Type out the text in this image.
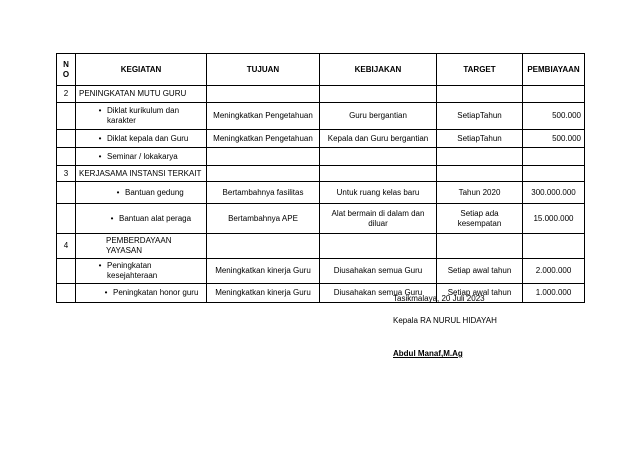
N O	KEGIATAN	TUJUAN	KEBIJAKAN	TARGET	PEMBIAYAAN
2	PENINGKATAN MUTU GURU				

	• Diklat kurikulum dan karakter	Meningkatkan Pengetahuan	Guru bergantian	SetiapTahun	500.000

	• Diklat kepala dan Guru	Meningkatkan Pengetahuan	Kepala dan Guru bergantian	SetiapTahun	500.000

	• Seminar / lokakarya				

3	KERJASAMA INSTANSI TERKAIT				

	• Bantuan gedung	Bertambahnya fasilitas	Untuk ruang kelas baru	Tahun 2020	300.000.000

	• Bantuan alat peraga	Bertambahnya APE	Alat bermain di dalam dan diluar	Setiap ada kesempatan	15.000.000
4	PEMBERDAYAAN YAYASAN				

	• Peningkatan kesejahteraan	Meningkatkan kinerja Guru	Diusahakan semua Guru	Setiap awal tahun	2.000.000

	• Peningkatan honor guru	Meningkatkan kinerja Guru	Diusahakan semua Guru	Setiap awal tahun	1.000.000
Tasikmalaya, 20 Juli 2023
Kepala RA NURUL HIDAYAH
Abdul Manaf,M.Ag
